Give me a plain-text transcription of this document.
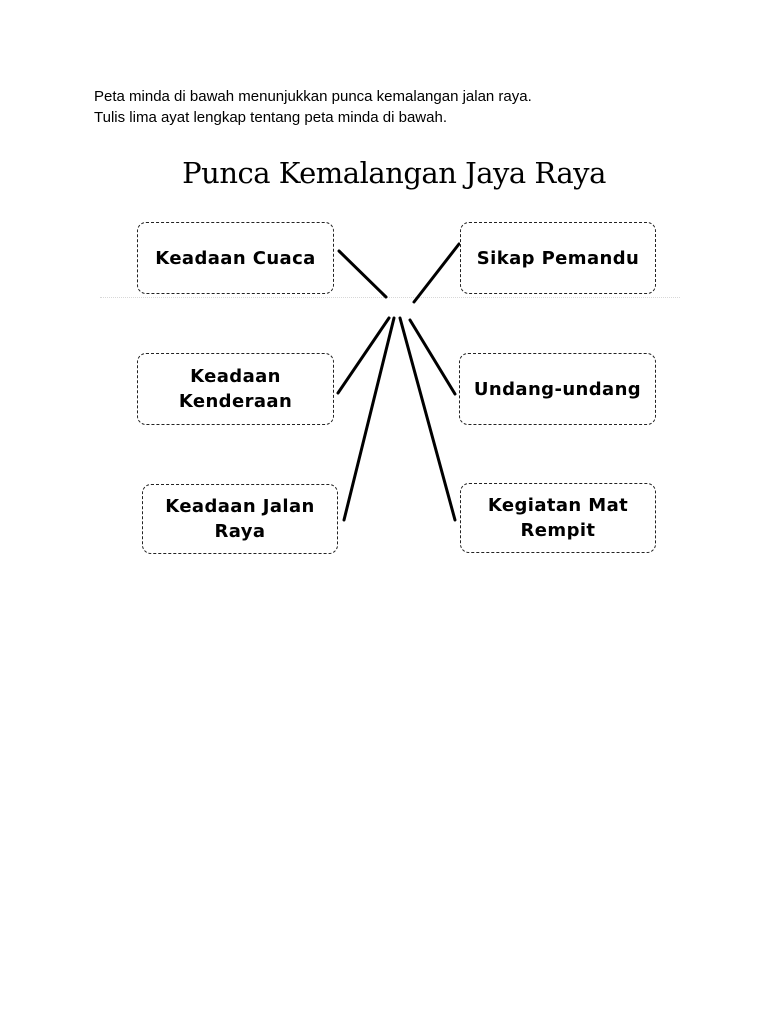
Peta minda di bawah menunjukkan punca kemalangan jalan raya.

Tulis lima ayat lengkap tentang peta minda di bawah.

Punca Kemalangan Jaya Raya
Keadaan Cuaca
Keadaan Kenderaan
Keadaan Jalan Raya
Sikap Pemandu
Undang-undang
Kegiatan Mat Rempit
